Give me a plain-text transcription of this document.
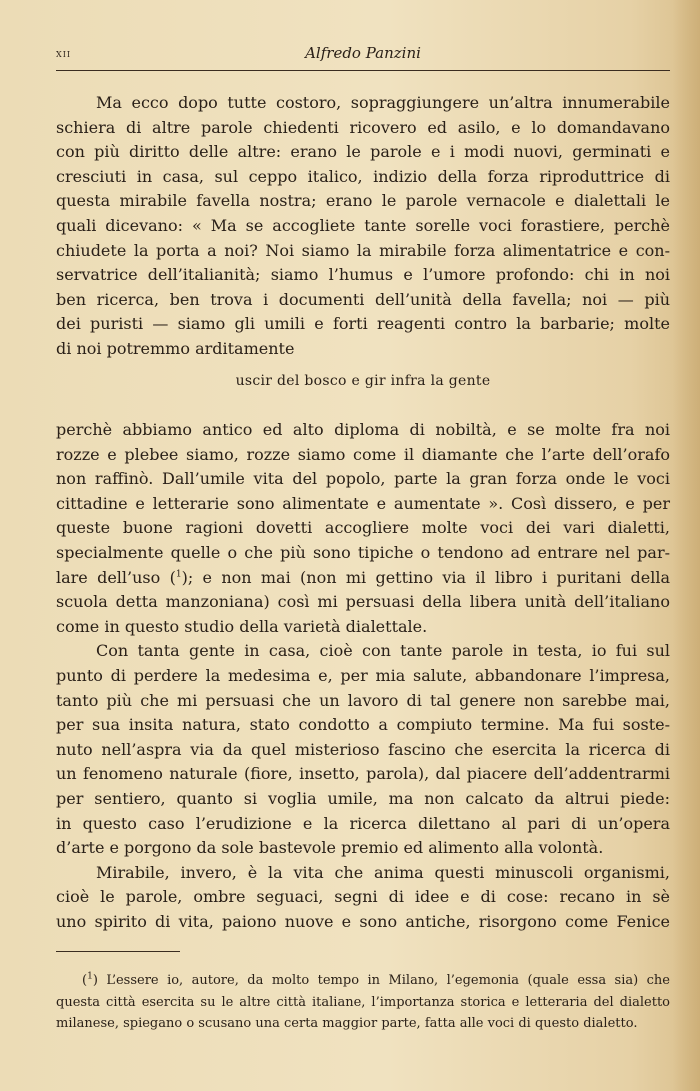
xii	Alfredo Panzini
Ma ecco dopo tutte costoro, sopraggiungere un’altra innumerabile
schiera di altre parole chiedenti ricovero ed asilo, e lo domandavano
con più diritto delle altre: erano le parole e i modi nuovi, germinati e
cresciuti in casa, sul ceppo italico, indizio della forza riproduttrice di
questa mirabile favella nostra; erano le parole vernacole e dialettali le
quali dicevano: « Ma se accogliete tante sorelle voci forastiere, perchè
chiudete la porta a noi? Noi siamo la mirabile forza alimentatrice e con-
servatrice dell’italianità; siamo l’humus e l’umore profondo: chi in noi
ben ricerca, ben trova i documenti dell’unità della favella; noi — più
dei puristi — siamo gli umili e forti reagenti contro la barbarie; molte
di noi potremmo arditamente
uscir del bosco e gir infra la gente
perchè abbiamo antico ed alto diploma di nobiltà, e se molte fra noi
rozze e plebee siamo, rozze siamo come il diamante che l’arte dell’orafo
non raffinò. Dall’umile vita del popolo, parte la gran forza onde le voci
cittadine e letterarie sono alimentate e aumentate ». Così dissero, e per
queste buone ragioni dovetti accogliere molte voci dei vari dialetti,
specialmente quelle o che più sono tipiche o tendono ad entrare nel par-
lare dell’uso ($^1$); e non mai (non mi gettino via il libro i puritani della
scuola detta manzoniana) così mi persuasi della libera unità dell’italiano
come in questo studio della varietà dialettale.
Con tanta gente in casa, cioè con tante parole in testa, io fui sul
punto di perdere la medesima e, per mia salute, abbandonare l’impresa,
tanto più che mi persuasi che un lavoro di tal genere non sarebbe mai,
per sua insita natura, stato condotto a compiuto termine. Ma fui soste-
nuto nell’aspra via da quel misterioso fascino che esercita la ricerca di
un fenomeno naturale (fiore, insetto, parola), dal piacere dell’addentrarmi
per sentiero, quanto si voglia umile, ma non calcato da altrui piede:
in questo caso l’erudizione e la ricerca dilettano al pari di un’opera
d’arte e porgono da sole bastevole premio ed alimento alla volontà.
Mirabile, invero, è la vita che anima questi minuscoli organismi,
cioè le parole, ombre seguaci, segni di idee e di cose: recano in sè
uno spirito di vita, paiono nuove e sono antiche, risorgono come Fenice
($^1$) L’essere io, autore, da molto tempo in Milano, l’egemonia (quale essa sia) che
questa città esercita su le altre città italiane, l’importanza storica e letteraria del dialetto
milanese, spiegano o scusano una certa maggior parte, fatta alle voci di questo dialetto.
